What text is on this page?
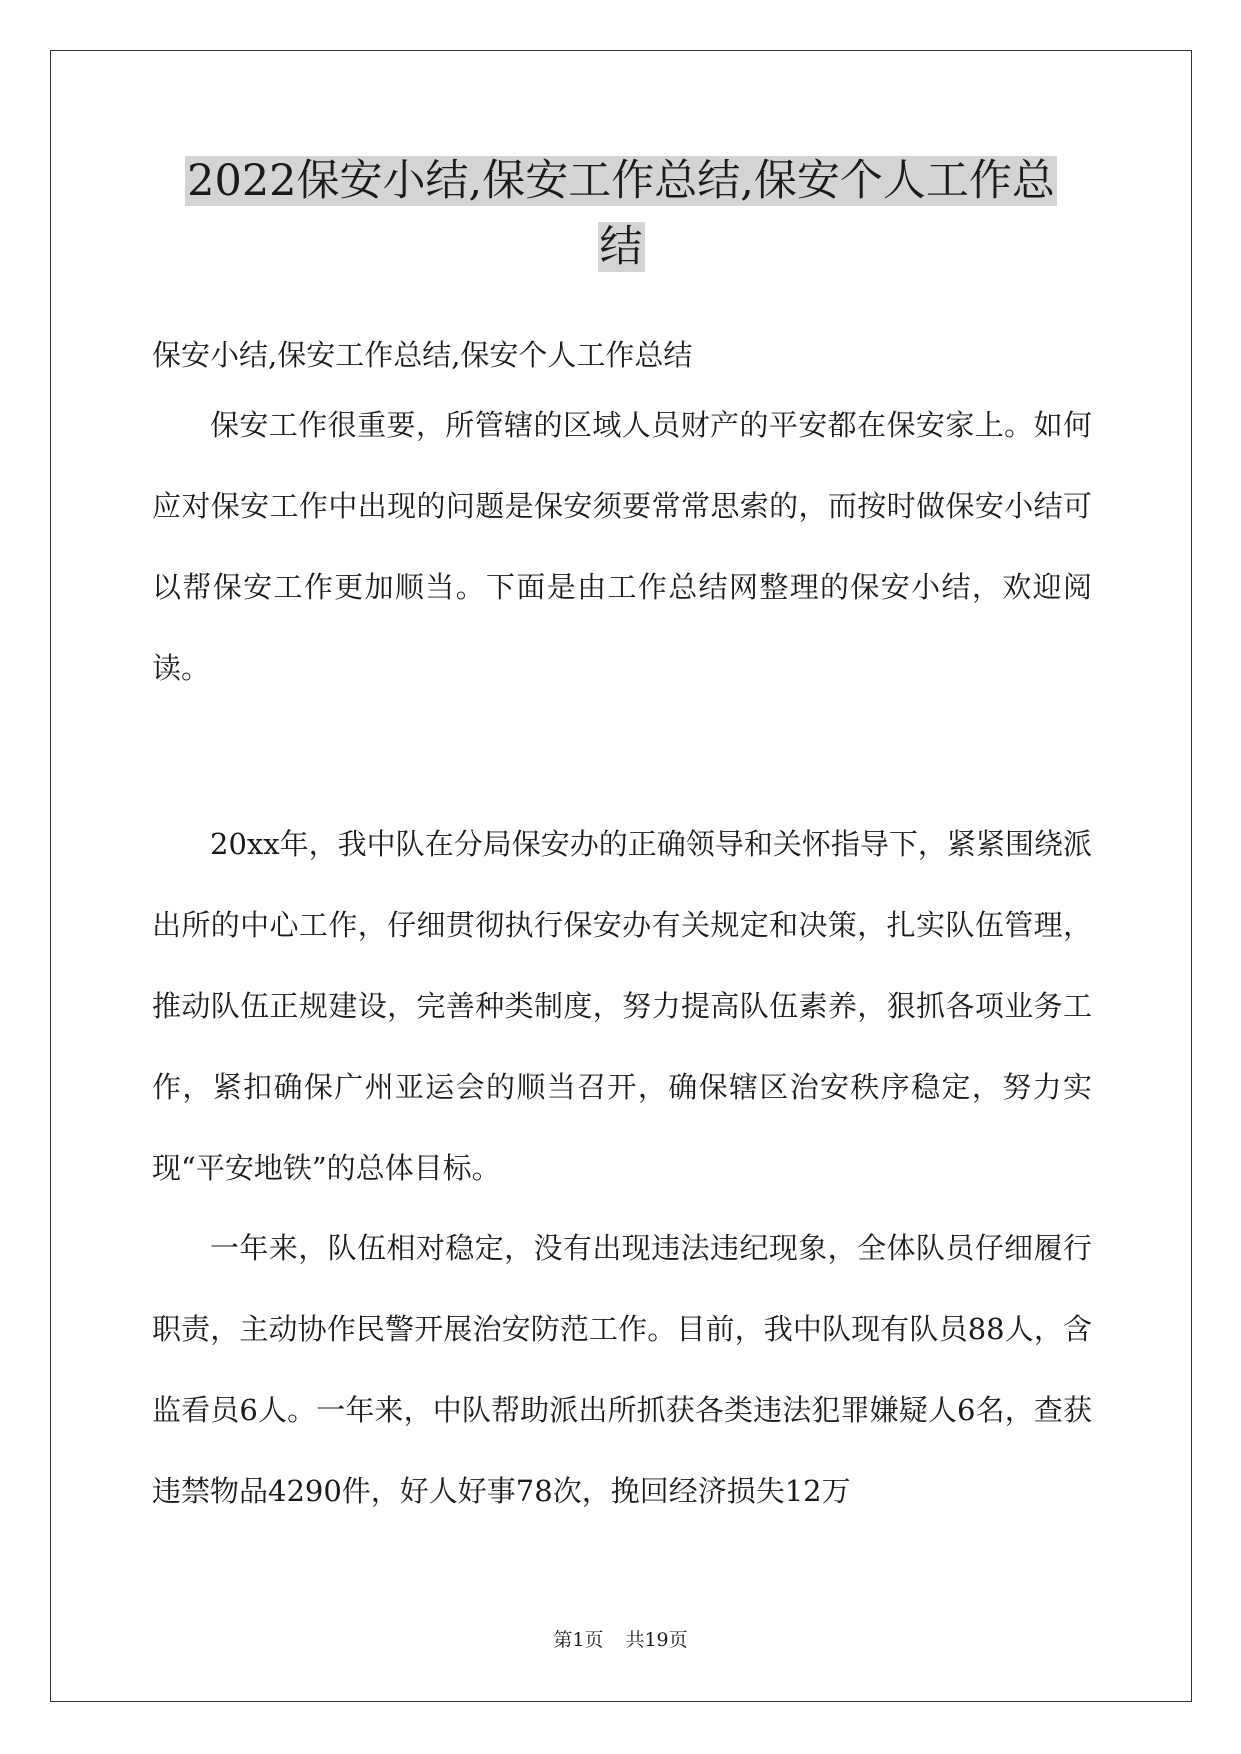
2022保安小结,保安工作总结,保安个人工作总
结

保安小结,保安工作总结,保安个人工作总结

保安工作很重要，所管辖的区域人员财产的平安都在保安家上。如何应对保安工作中出现的问题是保安须要常常思索的，而按时做保安小结可以帮保安工作更加顺当。下面是由工作总结网整理的保安小结，欢迎阅读。

20xx年，我中队在分局保安办的正确领导和关怀指导下，紧紧围绕派出所的中心工作，仔细贯彻执行保安办有关规定和决策，扎实队伍管理，推动队伍正规建设，完善种类制度，努力提高队伍素养，狠抓各项业务工作，紧扣确保广州亚运会的顺当召开，确保辖区治安秩序稳定，努力实现“平安地铁”的总体目标。

一年来，队伍相对稳定，没有出现违法违纪现象，全体队员仔细履行职责，主动协作民警开展治安防范工作。目前，我中队现有队员88人，含监看员6人。一年来，中队帮助派出所抓获各类违法犯罪嫌疑人6名，查获违禁物品4290件，好人好事78次，挽回经济损失12万

第1页 共19页
